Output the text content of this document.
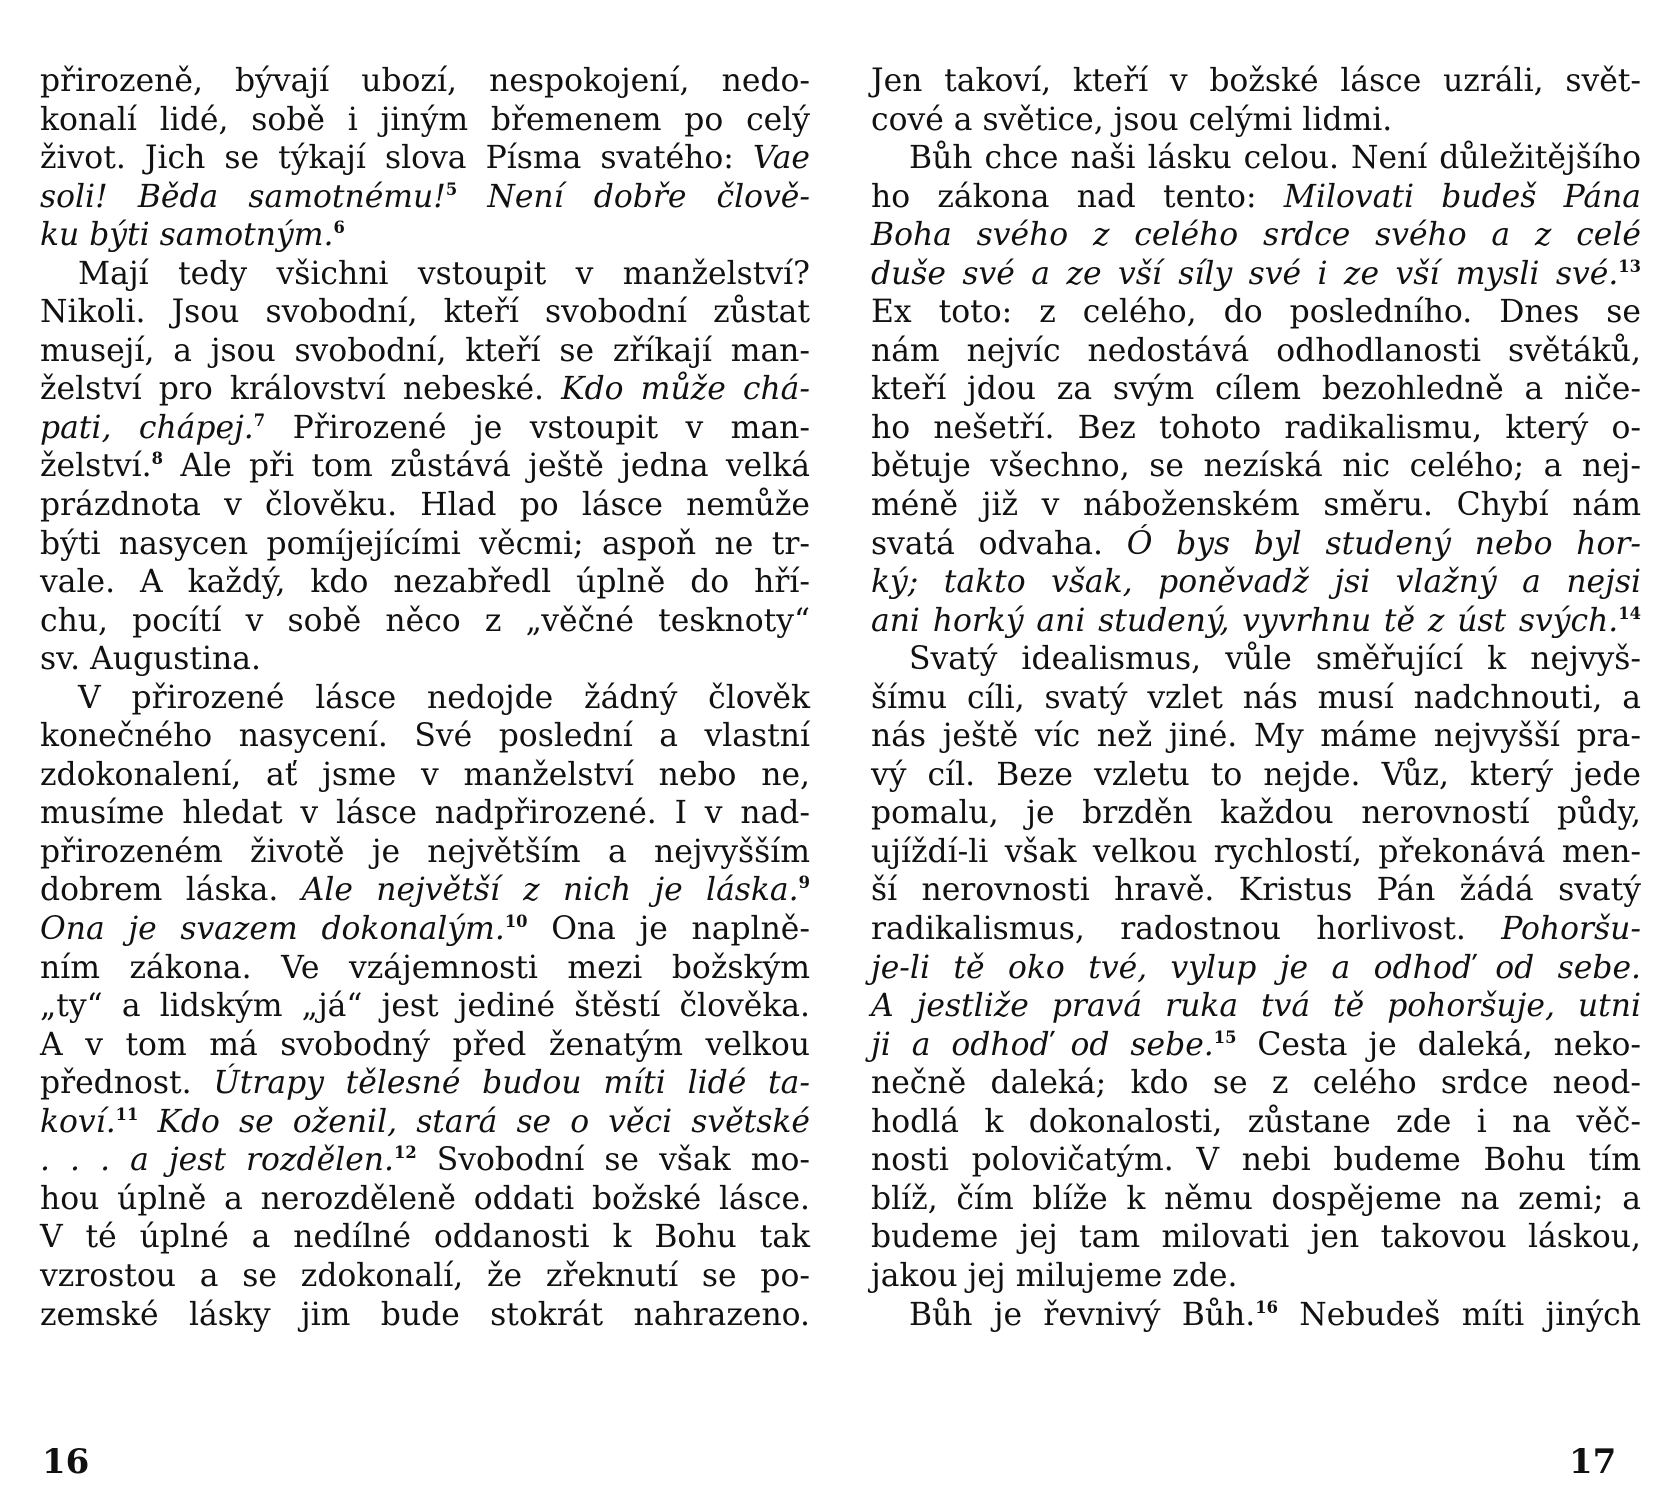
přirozeně, bývají ubozí, nespokojení, nedo-
konalí lidé, sobě i jiným břemenem po celý
život. Jich se týkají slova Písma svatého: Vae
soli! Běda samotnému!$^5$ Není dobře člově-
ku býti samotným.$^6$
Mají tedy všichni vstoupit v manželství?
Nikoli. Jsou svobodní, kteří svobodní zůstat
musejí, a jsou svobodní, kteří se zříkají man-
želství pro království nebeské. Kdo může chá-
pati, chápej.$^7$ Přirozené je vstoupit v man-
želství.$^8$ Ale při tom zůstává ještě jedna velká
prázdnota v člověku. Hlad po lásce nemůže
býti nasycen pomíjejícími věcmi; aspoň ne tr-
vale. A každý, kdo nezabředl úplně do hří-
chu, pocítí v sobě něco z „věčné tesknoty“
sv. Augustina.
V přirozené lásce nedojde žádný člověk
konečného nasycení. Své poslední a vlastní
zdokonalení, ať jsme v manželství nebo ne,
musíme hledat v lásce nadpřirozené. I v nad-
přirozeném životě je největším a nejvyšším
dobrem láska. Ale největší z nich je láska.$^9$
Ona je svazem dokonalým.$^{10}$ Ona je naplně-
ním zákona. Ve vzájemnosti mezi božským
„ty“ a lidským „já“ jest jediné štěstí člověka.
A v tom má svobodný před ženatým velkou
přednost. Útrapy tělesné budou míti lidé ta-
koví.$^{11}$ Kdo se oženil, stará se o věci světské
. . . a jest rozdělen.$^{12}$ Svobodní se však mo-
hou úplně a nerozděleně oddati božské lásce.
V té úplné a nedílné oddanosti k Bohu tak
vzrostou a se zdokonalí, že zřeknutí se po-
zemské lásky jim bude stokrát nahrazeno.
16
Jen takoví, kteří v božské lásce uzráli, svět-
cové a světice, jsou celými lidmi.
Bůh chce naši lásku celou. Není důležitějšího
ho zákona nad tento: Milovati budeš Pána
Boha svého z celého srdce svého a z celé
duše své a ze vší síly své i ze vší mysli své.$^{13}$
Ex toto: z celého, do posledního. Dnes se
nám nejvíc nedostává odhodlanosti světáků,
kteří jdou za svým cílem bezohledně a niče-
ho nešetří. Bez tohoto radikalismu, který o-
bětuje všechno, se nezíská nic celého; a nej-
méně již v náboženském směru. Chybí nám
svatá odvaha. Ó bys byl studený nebo hor-
ký; takto však, poněvadž jsi vlažný a nejsi
ani horký ani studený, vyvrhnu tě z úst svých.$^{14}$
Svatý idealismus, vůle směřující k nejvyš-
šímu cíli, svatý vzlet nás musí nadchnouti, a
nás ještě víc než jiné. My máme nejvyšší pra-
vý cíl. Beze vzletu to nejde. Vůz, který jede
pomalu, je brzděn každou nerovností půdy,
ujíždí-li však velkou rychlostí, překonává men-
ší nerovnosti hravě. Kristus Pán žádá svatý
radikalismus, radostnou horlivost. Pohoršu-
je-li tě oko tvé, vylup je a odhoď od sebe.
A jestliže pravá ruka tvá tě pohoršuje, utni
ji a odhoď od sebe.$^{15}$ Cesta je daleká, neko-
nečně daleká; kdo se z celého srdce neod-
hodlá k dokonalosti, zůstane zde i na věč-
nosti polovičatým. V nebi budeme Bohu tím
blíž, čím blíže k němu dospějeme na zemi; a
budeme jej tam milovati jen takovou láskou,
jakou jej milujeme zde.
Bůh je řevnivý Bůh.$^{16}$ Nebudeš míti jiných
17
